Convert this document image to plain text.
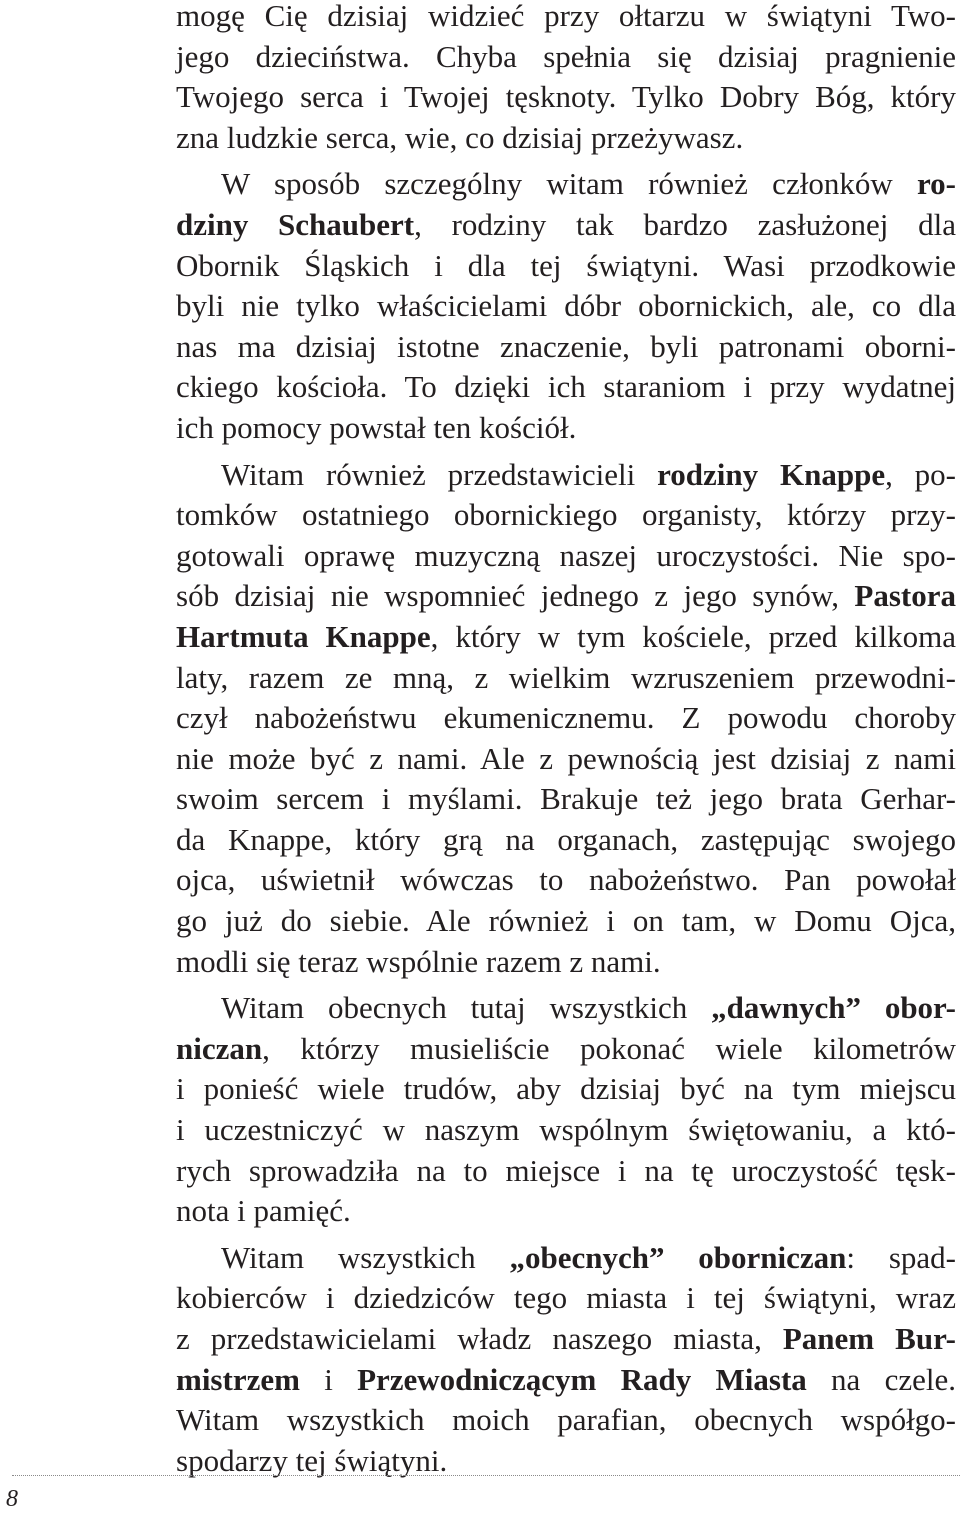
mogę Cię dzisiaj widzieć przy ołtarzu w świątyni Two-
jego dzieciństwa. Chyba spełnia się dzisiaj pragnienie
Twojego serca i Twojej tęsknoty. Tylko Dobry Bóg, który
zna ludzkie serca, wie, co dzisiaj przeżywasz.
W sposób szczególny witam również członków ro-
dziny Schaubert, rodziny tak bardzo zasłużonej dla
Obornik Śląskich i dla tej świątyni. Wasi przodkowie
byli nie tylko właścicielami dóbr obornickich, ale, co dla
nas ma dzisiaj istotne znaczenie, byli patronami oborni-
ckiego kościoła. To dzięki ich staraniom i przy wydatnej
ich pomocy powstał ten kościół.
Witam również przedstawicieli rodziny Knappe, po-
tomków ostatniego obornickiego organisty, którzy przy-
gotowali oprawę muzyczną naszej uroczystości. Nie spo-
sób dzisiaj nie wspomnieć jednego z jego synów, Pastora
Hartmuta Knappe, który w tym kościele, przed kilkoma
laty, razem ze mną, z wielkim wzruszeniem przewodni-
czył nabożeństwu ekumenicznemu. Z powodu choroby
nie może być z nami. Ale z pewnością jest dzisiaj z nami
swoim sercem i myślami. Brakuje też jego brata Gerhar-
da Knappe, który grą na organach, zastępując swojego
ojca, uświetnił wówczas to nabożeństwo. Pan powołał
go już do siebie. Ale również i on tam, w Domu Ojca,
modli się teraz wspólnie razem z nami.
Witam obecnych tutaj wszystkich „dawnych” obor-
niczan, którzy musieliście pokonać wiele kilometrów
i ponieść wiele trudów, aby dzisiaj być na tym miejscu
i uczestniczyć w naszym wspólnym świętowaniu, a któ-
rych sprowadziła na to miejsce i na tę uroczystość tęsk-
nota i pamięć.
Witam wszystkich „obecnych” oborniczan: spad-
kobierców i dziedziców tego miasta i tej świątyni, wraz
z przedstawicielami władz naszego miasta, Panem Bur-
mistrzem i Przewodniczącym Rady Miasta na czele.
Witam wszystkich moich parafian, obecnych współgo-
spodarzy tej świątyni.
8
